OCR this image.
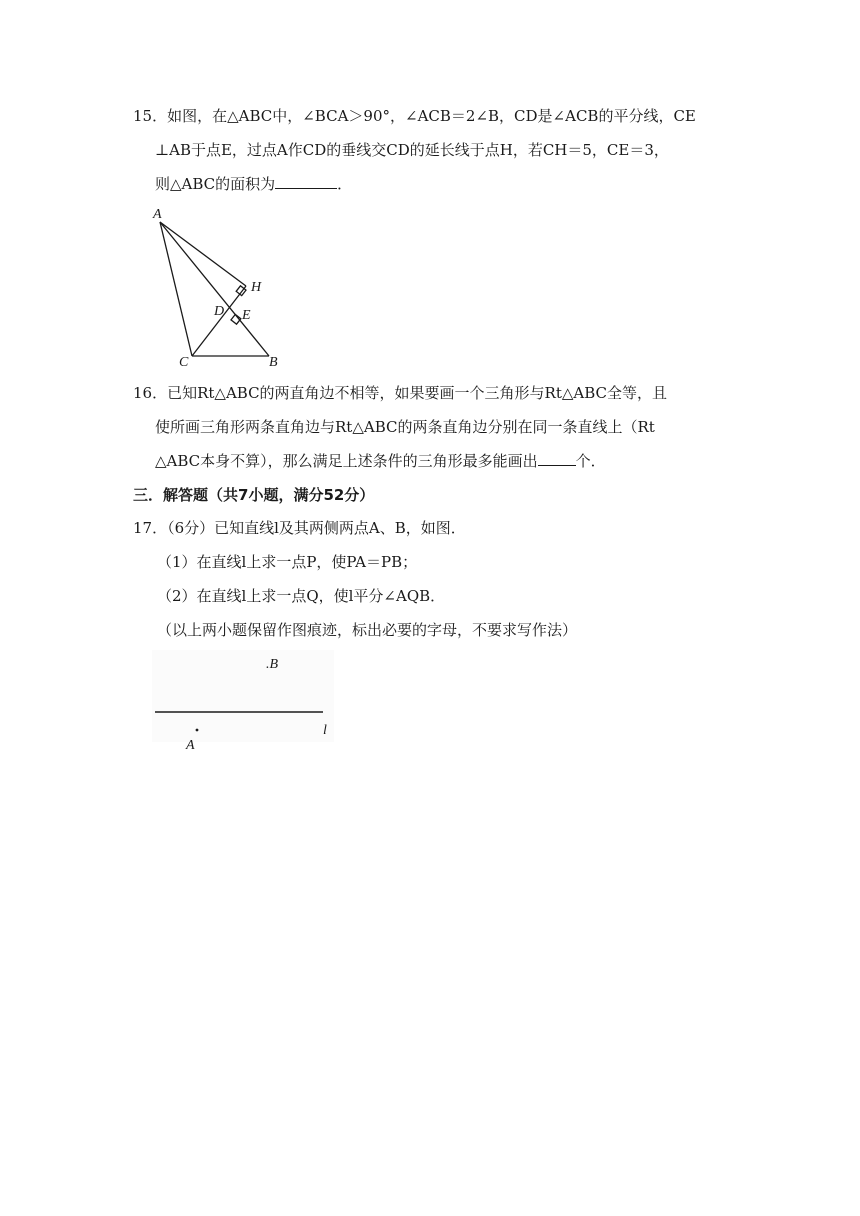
15．如图，在△ABC中，∠BCA＞90°，∠ACB＝2∠B，CD是∠ACB的平分线，CE
⊥AB于点E，过点A作CD的垂线交CD的延长线于点H，若CH＝5，CE＝3，
则△ABC的面积为	．
A
H
D E
C	B
16．已知Rt△ABC的两直角边不相等，如果要画一个三角形与Rt△ABC全等，且
使所画三角形两条直角边与Rt△ABC的两条直角边分别在同一条直线上（Rt
△ABC本身不算），那么满足上述条件的三角形最多能画出	个．
三．解答题（共7小题，满分52分）
17．（6分）已知直线l及其两侧两点A、B，如图．
（1）在直线l上求一点P，使PA＝PB；
（2）在直线l上求一点Q，使l平分∠AQB．
（以上两小题保留作图痕迹，标出必要的字母，不要求写作法）
.B
A
l
